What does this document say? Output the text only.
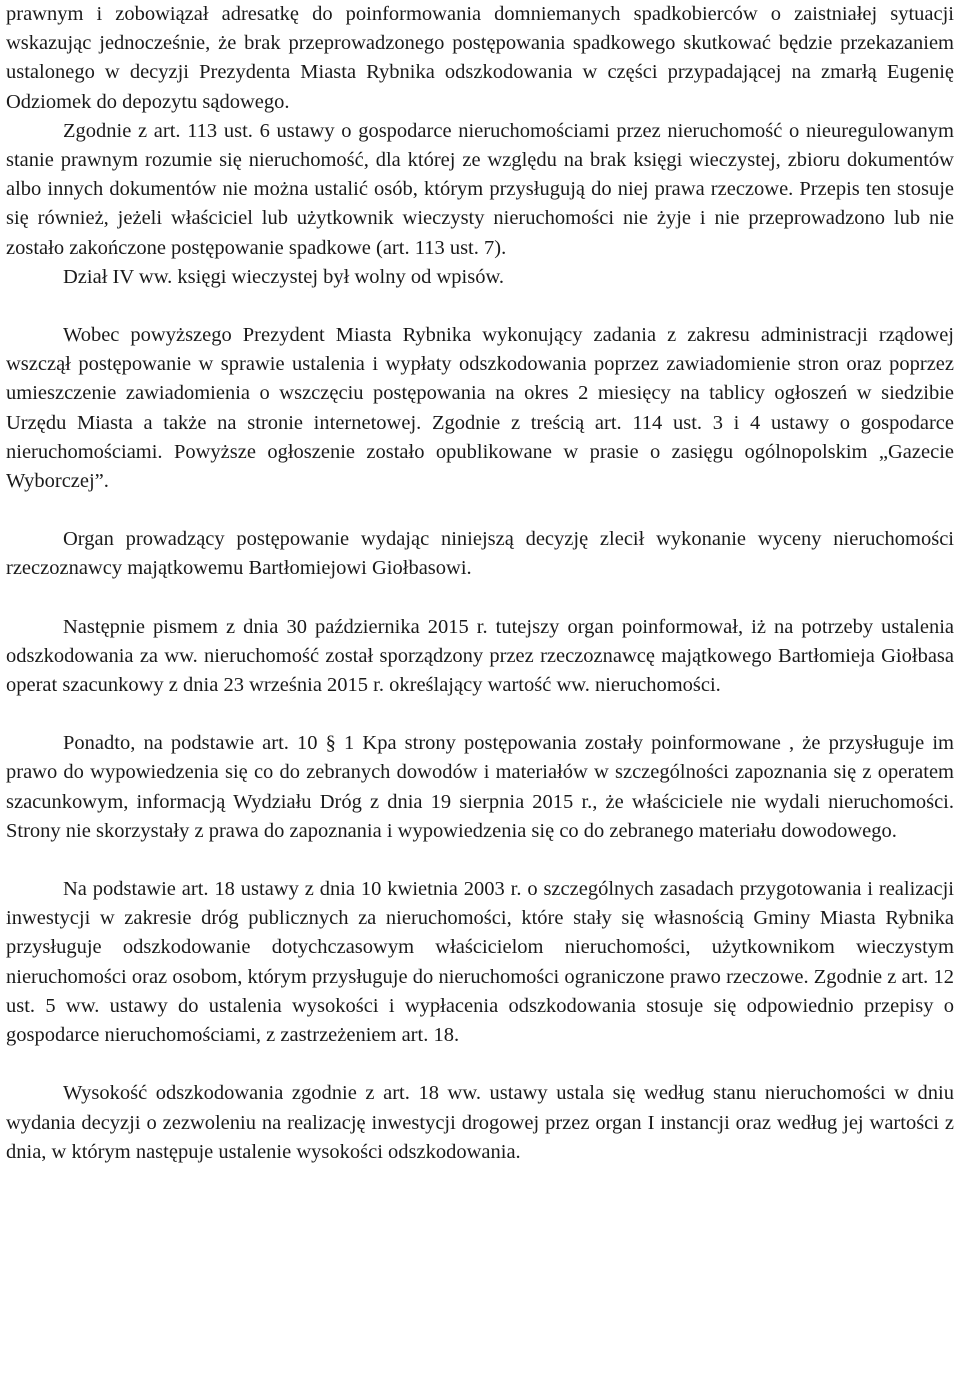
prawnym i zobowiązał adresatkę do poinformowania domniemanych spadkobierców o zaistniałej sytuacji wskazując jednocześnie, że brak przeprowadzonego postępowania spadkowego skutkować będzie przekazaniem ustalonego w decyzji Prezydenta Miasta Rybnika odszkodowania w części przypadającej na zmarłą Eugenię Odziomek do depozytu sądowego.

Zgodnie z art. 113 ust. 6 ustawy o gospodarce nieruchomościami przez nieruchomość o nieuregulowanym stanie prawnym rozumie się nieruchomość, dla której ze względu na brak księgi wieczystej, zbioru dokumentów albo innych dokumentów nie można ustalić osób, którym przysługują do niej prawa rzeczowe. Przepis ten stosuje się również, jeżeli właściciel lub użytkownik wieczysty nieruchomości nie żyje i nie przeprowadzono lub nie zostało zakończone postępowanie spadkowe (art. 113 ust. 7).

Dział IV ww. księgi wieczystej był wolny od wpisów.

Wobec powyższego Prezydent Miasta Rybnika wykonujący zadania z zakresu administracji rządowej wszczął postępowanie w sprawie ustalenia i wypłaty odszkodowania poprzez zawiadomienie stron oraz poprzez umieszczenie zawiadomienia o wszczęciu postępowania na okres 2 miesięcy na tablicy ogłoszeń w siedzibie Urzędu Miasta a także na stronie internetowej. Zgodnie z treścią art. 114 ust. 3 i 4 ustawy o gospodarce nieruchomościami. Powyższe ogłoszenie zostało opublikowane w prasie o zasięgu ogólnopolskim „Gazecie Wyborczej”.

Organ prowadzący postępowanie wydając niniejszą decyzję zlecił wykonanie wyceny nieruchomości rzeczoznawcy majątkowemu Bartłomiejowi Giołbasowi.

Następnie pismem z dnia 30 października 2015 r. tutejszy organ poinformował, iż na potrzeby ustalenia odszkodowania za ww. nieruchomość został sporządzony przez rzeczoznawcę majątkowego Bartłomieja Giołbasa operat szacunkowy z dnia 23 września 2015 r. określający wartość ww. nieruchomości.

Ponadto, na podstawie art. 10 § 1 Kpa strony postępowania zostały poinformowane , że przysługuje im prawo do wypowiedzenia się co do zebranych dowodów i materiałów w szczególności zapoznania się z operatem szacunkowym, informacją Wydziału Dróg z dnia 19 sierpnia 2015 r., że właściciele nie wydali nieruchomości. Strony nie skorzystały z prawa do zapoznania i wypowiedzenia się co do zebranego materiału dowodowego.

Na podstawie art. 18 ustawy z dnia 10 kwietnia 2003 r. o szczególnych zasadach przygotowania i realizacji inwestycji w zakresie dróg publicznych za nieruchomości, które stały się własnością Gminy Miasta Rybnika przysługuje odszkodowanie dotychczasowym właścicielom nieruchomości, użytkownikom wieczystym nieruchomości oraz osobom, którym przysługuje do nieruchomości ograniczone prawo rzeczowe. Zgodnie z art. 12 ust. 5 ww. ustawy do ustalenia wysokości i wypłacenia odszkodowania stosuje się odpowiednio przepisy o gospodarce nieruchomościami, z zastrzeżeniem art. 18.

Wysokość odszkodowania zgodnie z art. 18 ww. ustawy ustala się według stanu nieruchomości w dniu wydania decyzji o zezwoleniu na realizację inwestycji drogowej przez organ I instancji oraz według jej wartości z dnia, w którym następuje ustalenie wysokości odszkodowania.
